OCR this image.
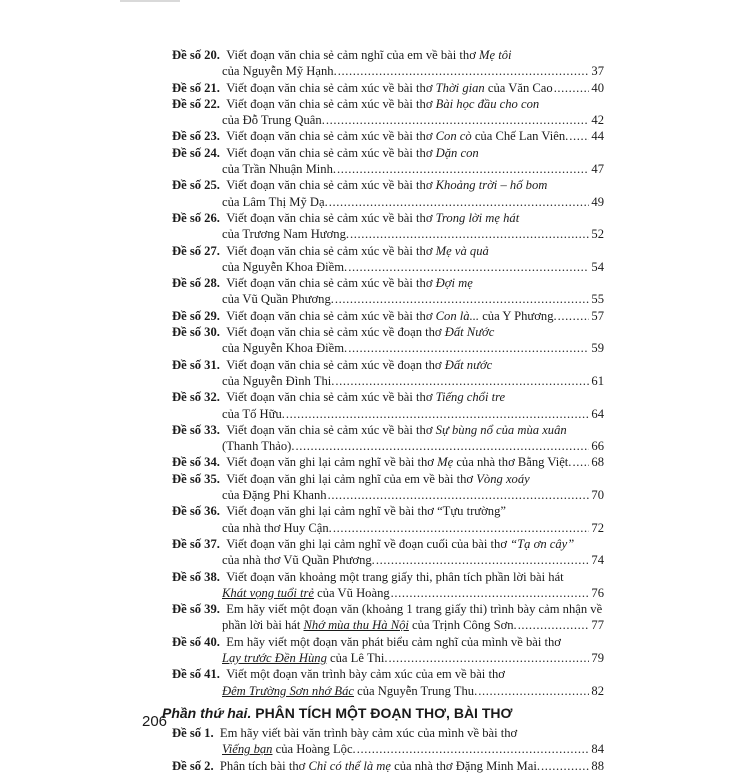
Đề số 20.
Viết đoạn văn chia sẻ cảm nghĩ của em về bài thơ Mẹ tôi
của Nguyễn Mỹ Hạnh. .....	37
Đề số 21.
Viết đoạn văn chia sẻ cảm xúc về bài thơ Thời gian của Văn Cao .....	40
Đề số 22.
Viết đoạn văn chia sẻ cảm xúc về bài thơ Bài học đầu cho con
của Đỗ Trung Quân. .....	42
Đề số 23.
Viết đoạn văn chia sẻ cảm xúc về bài thơ Con cò của Chế Lan Viên. ..... 44
Đề số 24.
Viết đoạn văn chia sẻ cảm xúc về bài thơ Dặn con
của Trần Nhuận Minh. .....	47
Đề số 25.
Viết đoạn văn chia sẻ cảm xúc về bài thơ Khoảng trời – hố bom
của Lâm Thị Mỹ Dạ. .....	49
Đề số 26.
Viết đoạn văn chia sẻ cảm xúc về bài thơ Trong lời mẹ hát
của Trương Nam Hương. .....	52
Đề số 27.
Viết đoạn văn chia sẻ cảm xúc về bài thơ Mẹ và quả
của Nguyễn Khoa Điềm. .....	54
Đề số 28.
Viết đoạn văn chia sẻ cảm xúc về bài thơ Đợi mẹ
của Vũ Quần Phương. .....	55
Đề số 29.
Viết đoạn văn chia sẻ cảm xúc về bài thơ Con là... của Y Phương. .....	57
Đề số 30.
Viết đoạn văn chia sẻ cảm xúc về đoạn thơ Đất Nước
của Nguyễn Khoa Điềm. .....	59
Đề số 31.
Viết đoạn văn chia sẻ cảm xúc về đoạn thơ Đất nước
của Nguyễn Đình Thi. .....	61
Đề số 32.
Viết đoạn văn chia sẻ cảm xúc về bài thơ Tiếng chổi tre
của Tố Hữu. .....	64
Đề số 33.
Viết đoạn văn chia sẻ cảm xúc về bài thơ Sự bùng nổ của mùa xuân
(Thanh Thảo). .....	66
Đề số 34.
Viết đoạn văn ghi lại cảm nghĩ về bài thơ Mẹ của nhà thơ Bằng Việt. ..... 68
Đề số 35.
Viết đoạn văn ghi lại cảm nghĩ của em về bài thơ Vòng xoáy
của Đặng Phi Khanh .....	70
Đề số 36.
Viết đoạn văn ghi lại cảm nghĩ về bài thơ “Tựu trường”
của nhà thơ Huy Cận. .....	72
Đề số 37.
Viết đoạn văn ghi lại cảm nghĩ về đoạn cuối của bài thơ “Tạ ơn cây”
của nhà thơ Vũ Quần Phương. .....	74
Đề số 38.
Viết đoạn văn khoảng một trang giấy thi, phân tích phần lời bài hát
Khát vọng tuổi trẻ của Vũ Hoàng .....	76
Đề số 39.
Em hãy viết một đoạn văn (khoảng 1 trang giấy thi) trình bày cảm nhận về
phần lời bài hát Nhớ mùa thu Hà Nội của Trịnh Công Sơn. .....	77
Đề số 40.
Em hãy viết một đoạn văn phát biểu cảm nghĩ của mình về bài thơ
Lạy trước Đền Hùng của Lê Thi. .....	79
Đề số 41.
Viết một đoạn văn trình bày cảm xúc của em về bài thơ
Đêm Trường Sơn nhớ Bác của Nguyễn Trung Thu. .....	82
Phần thứ hai. PHÂN TÍCH MỘT ĐOẠN THƠ, BÀI THƠ
Đề số 1.
Em hãy viết bài văn trình bày cảm xúc của mình về bài thơ
Viếng bạn của Hoàng Lộc. .....	84
Đề số 2.
Phân tích bài thơ Chỉ có thể là mẹ của nhà thơ Đặng Minh Mai. .....	88
206
